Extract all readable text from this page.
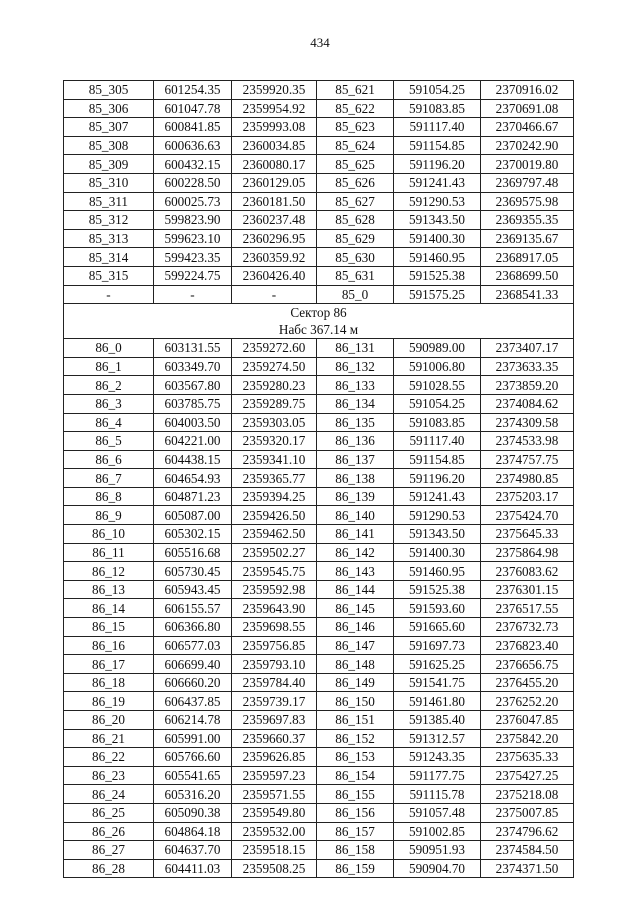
434
85_305	601254.35	2359920.35	85_621	591054.25	2370916.02
85_306	601047.78	2359954.92	85_622	591083.85	2370691.08
85_307	600841.85	2359993.08	85_623	591117.40	2370466.67
85_308	600636.63	2360034.85	85_624	591154.85	2370242.90
85_309	600432.15	2360080.17	85_625	591196.20	2370019.80
85_310	600228.50	2360129.05	85_626	591241.43	2369797.48
85_311	600025.73	2360181.50	85_627	591290.53	2369575.98
85_312	599823.90	2360237.48	85_628	591343.50	2369355.35
85_313	599623.10	2360296.95	85_629	591400.30	2369135.67
85_314	599423.35	2360359.92	85_630	591460.95	2368917.05
85_315	599224.75	2360426.40	85_631	591525.38	2368699.50
-	-	-	85_0	591575.25	2368541.33

Сектор 86
Набс 367.14 м					

86_0	603131.55	2359272.60	86_131	590989.00	2373407.17
86_1	603349.70	2359274.50	86_132	591006.80	2373633.35
86_2	603567.80	2359280.23	86_133	591028.55	2373859.20
86_3	603785.75	2359289.75	86_134	591054.25	2374084.62
86_4	604003.50	2359303.05	86_135	591083.85	2374309.58
86_5	604221.00	2359320.17	86_136	591117.40	2374533.98
86_6	604438.15	2359341.10	86_137	591154.85	2374757.75
86_7	604654.93	2359365.77	86_138	591196.20	2374980.85
86_8	604871.23	2359394.25	86_139	591241.43	2375203.17
86_9	605087.00	2359426.50	86_140	591290.53	2375424.70
86_10	605302.15	2359462.50	86_141	591343.50	2375645.33
86_11	605516.68	2359502.27	86_142	591400.30	2375864.98
86_12	605730.45	2359545.75	86_143	591460.95	2376083.62
86_13	605943.45	2359592.98	86_144	591525.38	2376301.15
86_14	606155.57	2359643.90	86_145	591593.60	2376517.55
86_15	606366.80	2359698.55	86_146	591665.60	2376732.73
86_16	606577.03	2359756.85	86_147	591697.73	2376823.40
86_17	606699.40	2359793.10	86_148	591625.25	2376656.75
86_18	606660.20	2359784.40	86_149	591541.75	2376455.20
86_19	606437.85	2359739.17	86_150	591461.80	2376252.20
86_20	606214.78	2359697.83	86_151	591385.40	2376047.85
86_21	605991.00	2359660.37	86_152	591312.57	2375842.20
86_22	605766.60	2359626.85	86_153	591243.35	2375635.33
86_23	605541.65	2359597.23	86_154	591177.75	2375427.25
86_24	605316.20	2359571.55	86_155	591115.78	2375218.08
86_25	605090.38	2359549.80	86_156	591057.48	2375007.85
86_26	604864.18	2359532.00	86_157	591002.85	2374796.62
86_27	604637.70	2359518.15	86_158	590951.93	2374584.50
86_28	604411.03	2359508.25	86_159	590904.70	2374371.50
